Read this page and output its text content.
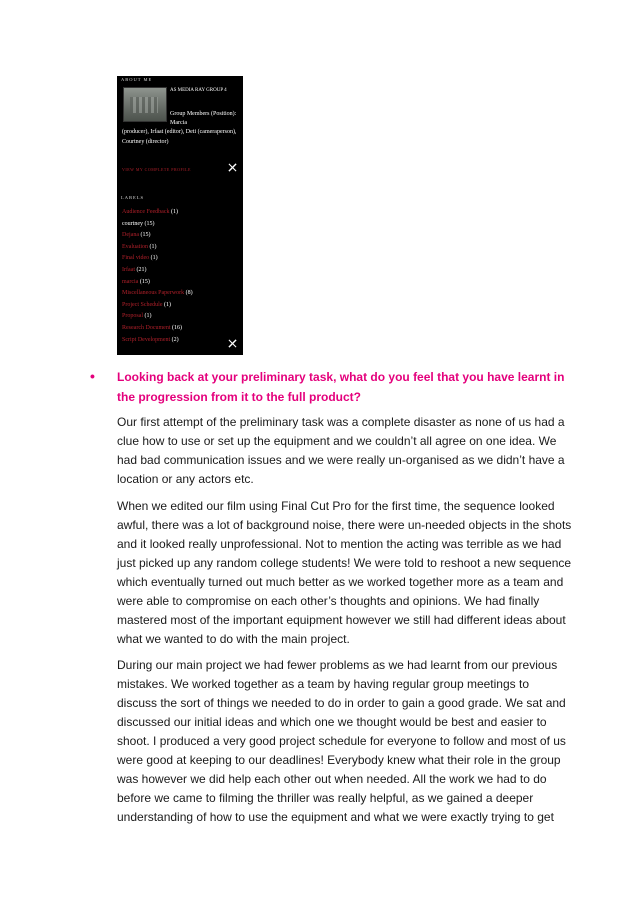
ABOUT ME
AS MEDIA RAY GROUP 4
Group Members (Position): Marcia
(producer), Irfaat (editor), Deti (cameraperson), Courtney (director)
VIEW MY COMPLETE PROFILE
LABELS
Audience Feedback (1)
courtney (15)
Dejana (15)
Evaluation (1)
Final video (1)
Irfaat (21)
marcia (15)
Miscellaneous Paperwork (8)
Project Schedule (1)
Proposal (1)
Research Document (16)
Script Development (2)
• Looking back at your preliminary task, what do you feel that you have learnt in the progression from it to the full product?

Our first attempt of the preliminary task was a complete disaster as none of us had a clue how to use or set up the equipment and we couldn’t all agree on one idea. We had bad communication issues and we were really un-organised as we didn’t have a location or any actors etc.

When we edited our film using Final Cut Pro for the first time, the sequence looked awful, there was a lot of background noise, there were un-needed objects in the shots and it looked really unprofessional. Not to mention the acting was terrible as we had just picked up any random college students! We were told to reshoot a new sequence which eventually turned out much better as we worked together more as a team and were able to compromise on each other’s thoughts and opinions. We had finally mastered most of the important equipment however we still had different ideas about what we wanted to do with the main project.

During our main project we had fewer problems as we had learnt from our previous mistakes. We worked together as a team by having regular group meetings to discuss the sort of things we needed to do in order to gain a good grade. We sat and discussed our initial ideas and which one we thought would be best and easier to shoot. I produced a very good project schedule for everyone to follow and most of us were good at keeping to our deadlines! Everybody knew what their role in the group was however we did help each other out when needed. All the work we had to do before we came to filming the thriller was really helpful, as we gained a deeper understanding of how to use the equipment and what we were exactly trying to get
